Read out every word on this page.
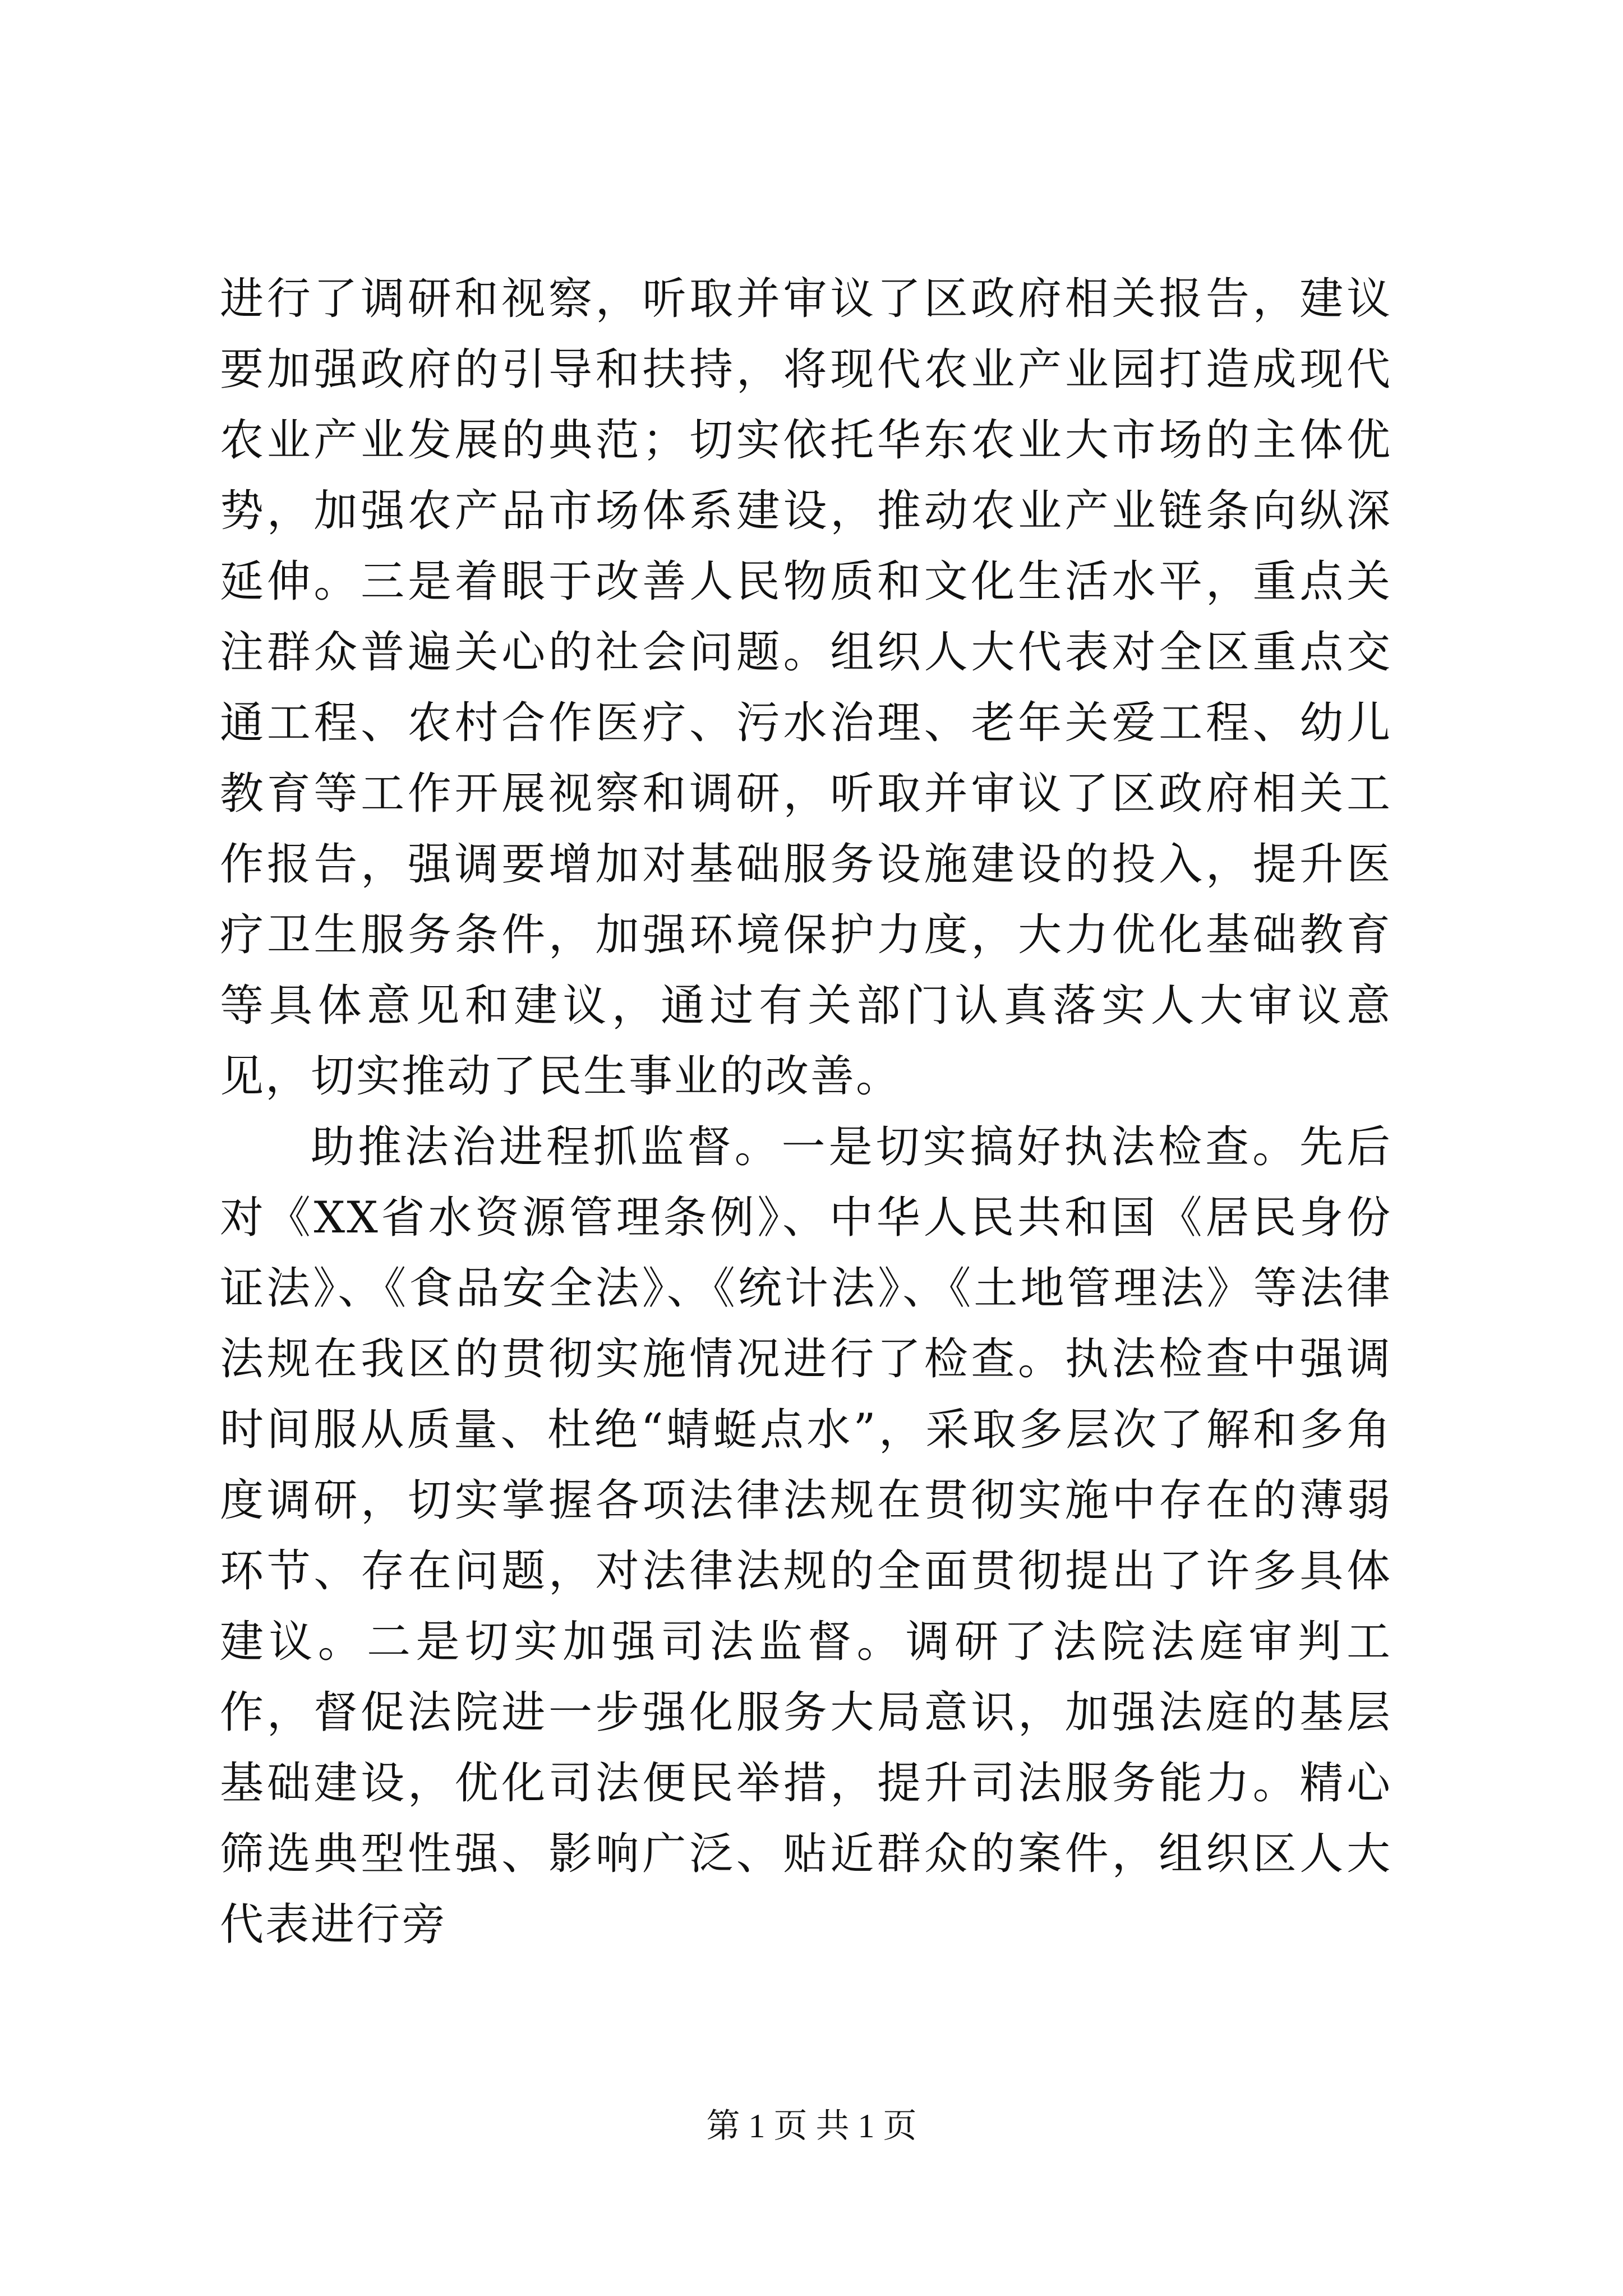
进行了调研和视察，听取并审议了区政府相关报告，建议要加强政府的引导和扶持，将现代农业产业园打造成现代农业产业发展的典范；切实依托华东农业大市场的主体优势，加强农产品市场体系建设，推动农业产业链条向纵深延伸。三是着眼于改善人民物质和文化生活水平，重点关注群众普遍关心的社会问题。组织人大代表对全区重点交通工程、农村合作医疗、污水治理、老年关爱工程、幼儿教育等工作开展视察和调研，听取并审议了区政府相关工作报告，强调要增加对基础服务设施建设的投入，提升医疗卫生服务条件，加强环境保护力度，大力优化基础教育等具体意见和建议，通过有关部门认真落实人大审议意见，切实推动了民生事业的改善。

助推法治进程抓监督。一是切实搞好执法检查。先后对《XX省水资源管理条例》、中华人民共和国《居民身份证法》、《食品安全法》、《统计法》、《土地管理法》等法律法规在我区的贯彻实施情况进行了检查。执法检查中强调时间服从质量、杜绝“蜻蜓点水”，采取多层次了解和多角度调研，切实掌握各项法律法规在贯彻实施中存在的薄弱环节、存在问题，对法律法规的全面贯彻提出了许多具体建议。二是切实加强司法监督。调研了法院法庭审判工作，督促法院进一步强化服务大局意识，加强法庭的基层基础建设，优化司法便民举措，提升司法服务能力。精心筛选典型性强、影响广泛、贴近群众的案件，组织区人大代表进行旁

第 1 页 共 1 页
